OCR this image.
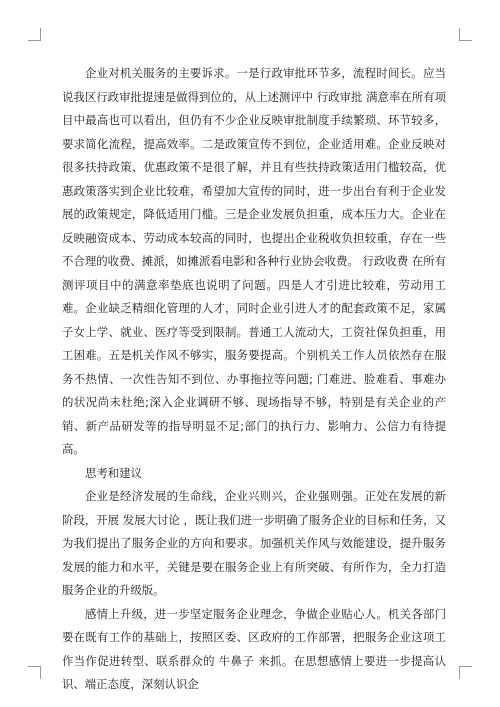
企业对机关服务的主要诉求。一是行政审批环节多，流程时间长。应当说我区行政审批提速是做得到位的，从上述测评中 行政审批 满意率在所有项目中最高也可以看出，但仍有不少企业反映审批制度手续繁琐、环节较多，要求简化流程，提高效率。二是政策宣传不到位，企业适用难。企业反映对很多扶持政策、优惠政策不是很了解，并且有些扶持政策适用门槛较高，优惠政策落实到企业比较难，希望加大宣传的同时，进一步出台有利于企业发展的政策规定，降低适用门槛。三是企业发展负担重，成本压力大。企业在反映融资成本、劳动成本较高的同时，也提出企业税收负担较重，存在一些不合理的收费、摊派，如摊派看电影和各种行业协会收费。 行政收费 在所有测评项目中的满意率垫底也说明了问题。四是人才引进比较难，劳动用工难。企业缺乏精细化管理的人才，同时企业引进人才的配套政策不足，家属子女上学、就业、医疗等受到限制。普通工人流动大，工资社保负担重，用工困难。五是机关作风不够实，服务要提高。个别机关工作人员依然存在服务不热情、一次性告知不到位、办事拖拉等问题; 门难进、脸难看、事难办 的状况尚未杜绝;深入企业调研不够、现场指导不够，特别是有关企业的产销、新产品研发等的指导明显不足;部门的执行力、影响力、公信力有待提高。

思考和建议

企业是经济发展的生命线，企业兴则兴，企业强则强。正处在发展的新阶段，开展 发展大讨论 ，既让我们进一步明确了服务企业的目标和任务，又为我们提出了服务企业的方向和要求。加强机关作风与效能建设，提升服务发展的能力和水平，关键是要在服务企业上有所突破、有所作为，全力打造服务企业的升级版。

感情上升级，进一步坚定服务企业理念，争做企业贴心人。机关各部门要在既有工作的基础上，按照区委、区政府的工作部署，把服务企业这项工作当作促进转型、联系群众的 牛鼻子 来抓。在思想感情上要进一步提高认识、端正态度，深刻认识企
